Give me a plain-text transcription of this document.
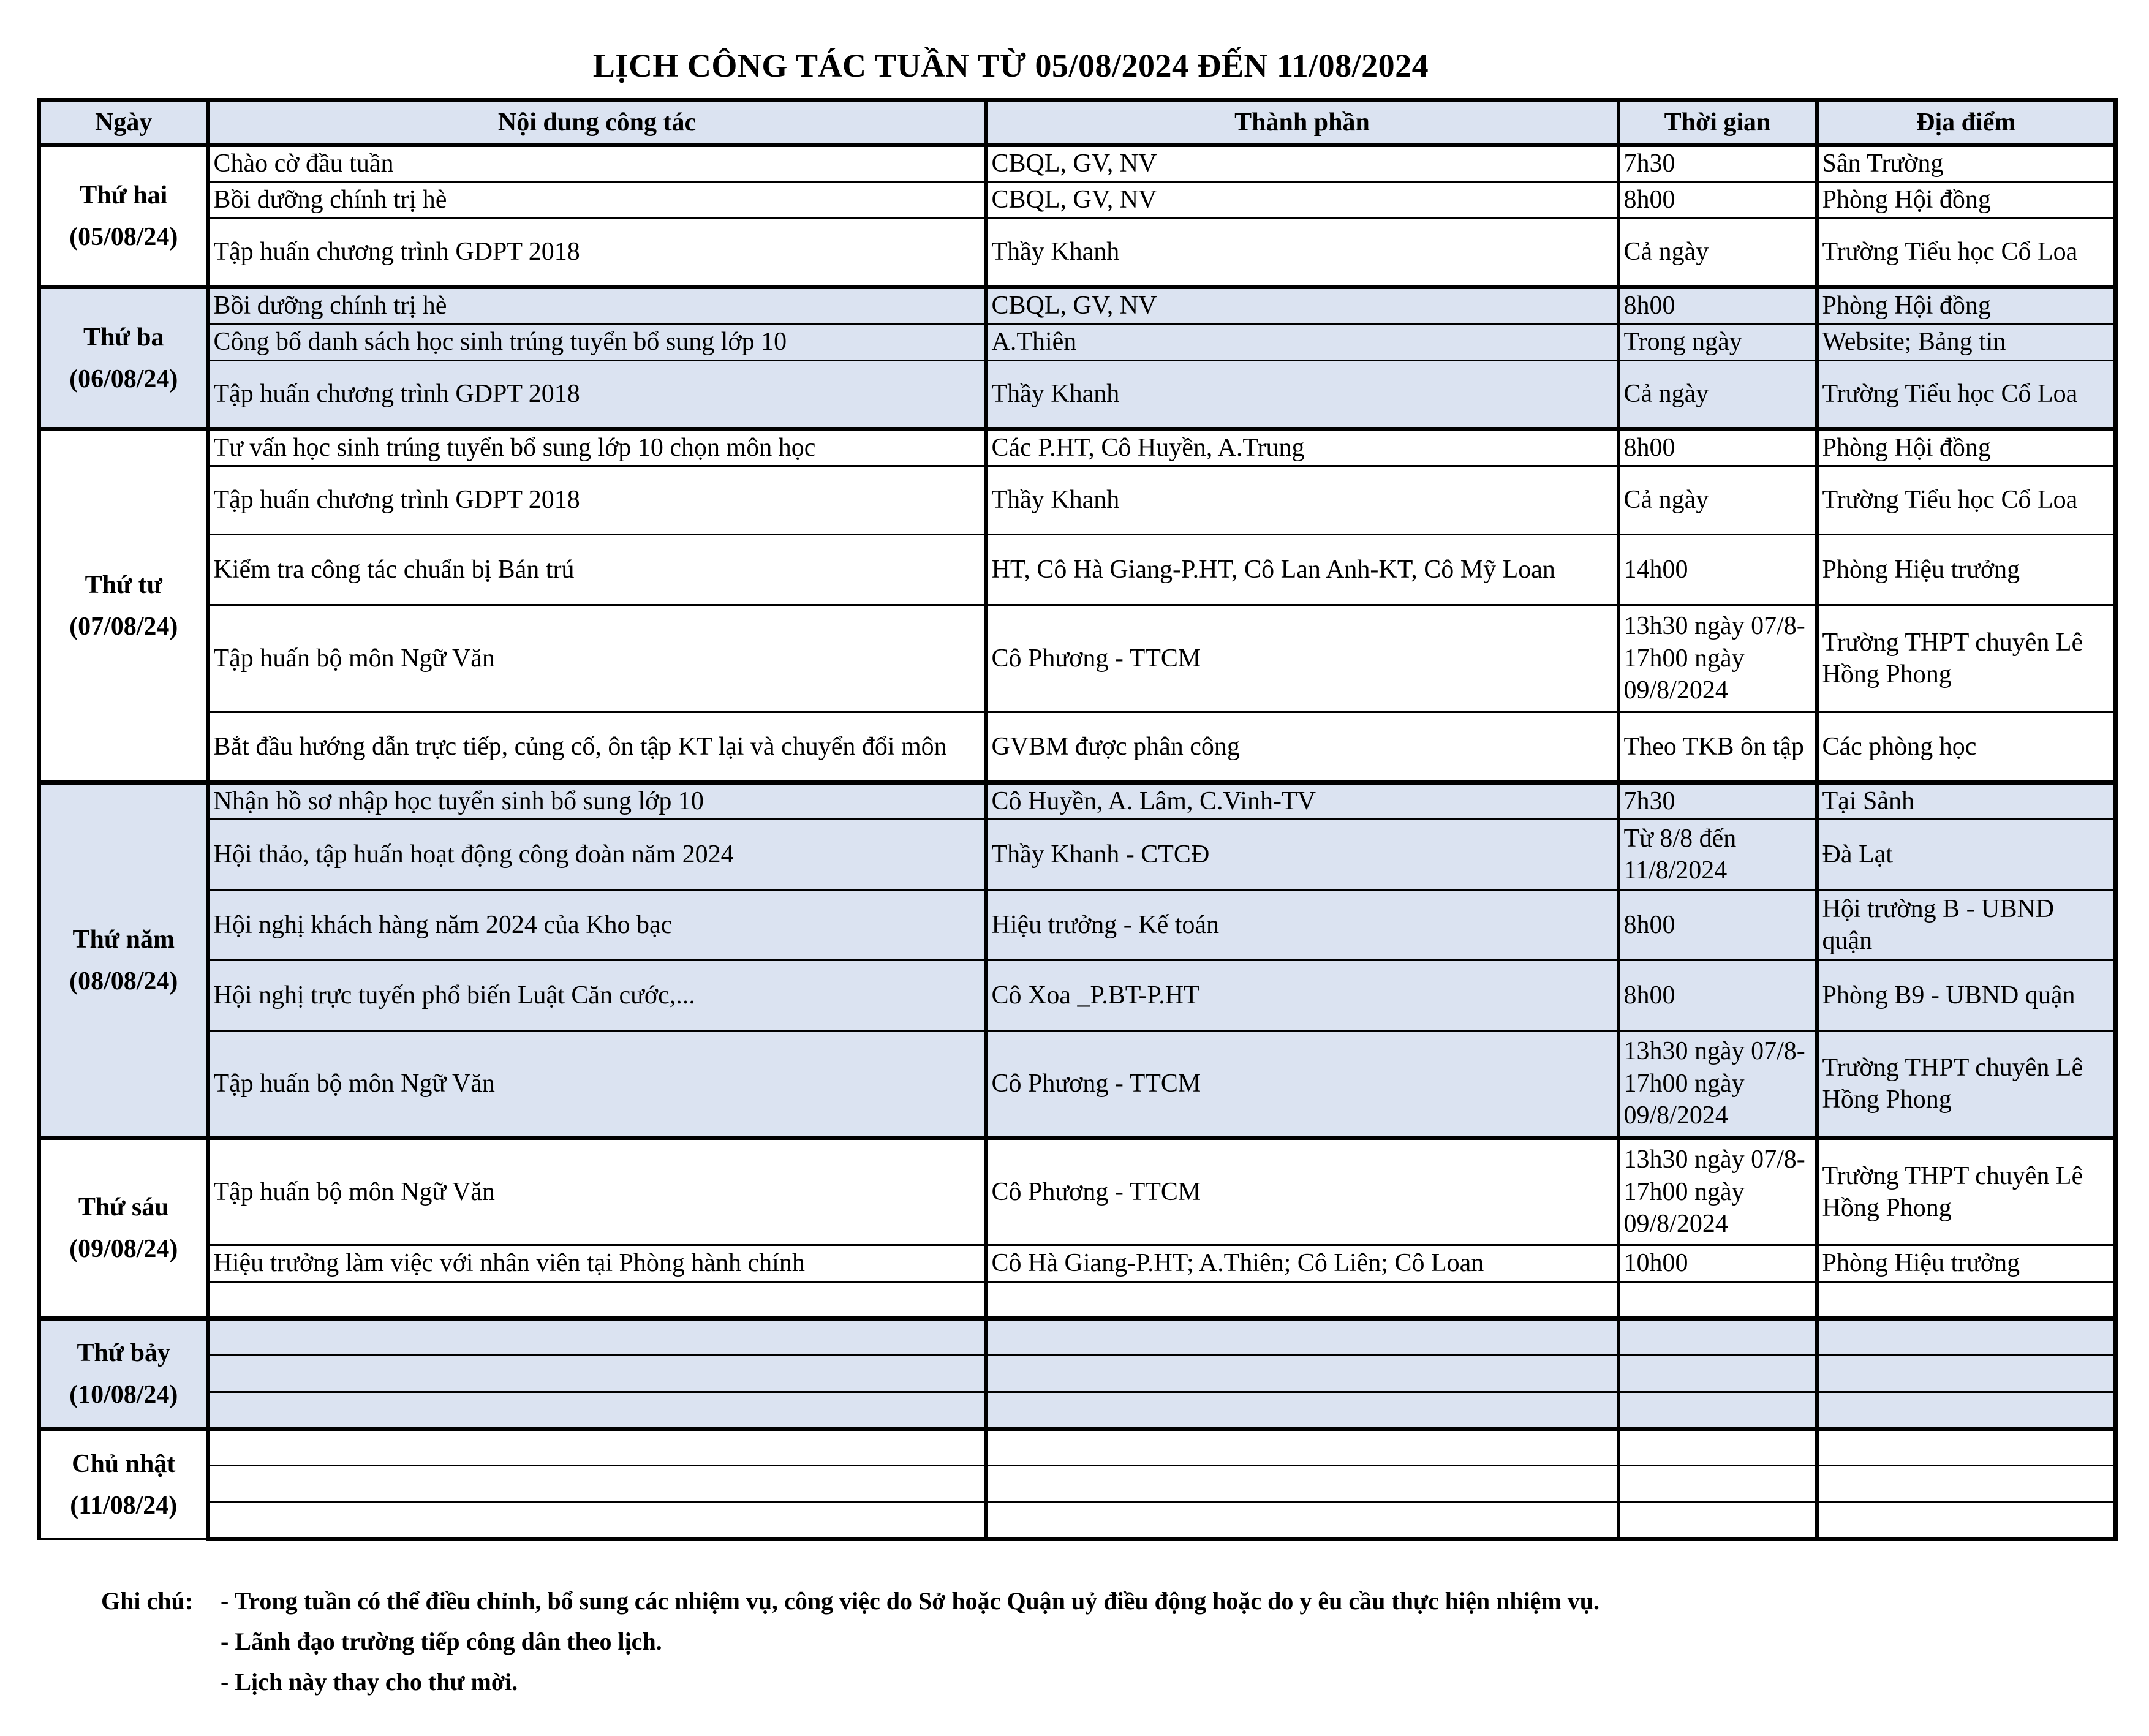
LỊCH CÔNG TÁC TUẦN TỪ 05/08/2024 ĐẾN 11/08/2024
Ngày	Nội dung công tác	Thành phần	Thời gian	Địa điểm

Thứ hai
(05/08/24)	Chào cờ đầu tuần	CBQL, GV, NV	7h30	Sân Trường
	Bồi dưỡng chính trị hè	CBQL, GV, NV	8h00	Phòng Hội đồng
	Tập huấn chương trình GDPT 2018	Thầy Khanh	Cả ngày	Trường Tiểu học Cổ Loa

Thứ ba
(06/08/24)	Bồi dưỡng chính trị hè	CBQL, GV, NV	8h00	Phòng Hội đồng
	Công bố danh sách học sinh trúng tuyển bổ sung lớp 10	A.Thiên	Trong ngày	Website; Bảng tin
	Tập huấn chương trình GDPT 2018	Thầy Khanh	Cả ngày	Trường Tiểu học Cổ Loa

Thứ tư
(07/08/24)	Tư vấn học sinh trúng tuyển bổ sung lớp 10 chọn môn học	Các P.HT, Cô Huyền, A.Trung	8h00	Phòng Hội đồng
	Tập huấn chương trình GDPT 2018	Thầy Khanh	Cả ngày	Trường Tiểu học Cổ Loa
	Kiểm tra công tác chuẩn bị Bán trú	HT, Cô Hà Giang-P.HT, Cô Lan Anh-KT, Cô Mỹ Loan	14h00	Phòng Hiệu trưởng
	Tập huấn bộ môn Ngữ Văn	Cô Phương - TTCM	13h30 ngày 07/8-17h00 ngày 09/8/2024	Trường THPT chuyên Lê Hồng Phong
	Bắt đầu hướng dẫn trực tiếp, củng cố, ôn tập KT lại và chuyển đổi môn	GVBM được phân công	Theo TKB ôn tập	Các phòng học

Thứ năm
(08/08/24)	Nhận hồ sơ nhập học tuyển sinh bổ sung lớp 10	Cô Huyền, A. Lâm, C.Vinh-TV	7h30	Tại Sảnh
	Hội thảo, tập huấn hoạt động công đoàn năm 2024	Thầy Khanh - CTCĐ	Từ 8/8 đến 11/8/2024	Đà Lạt
	Hội nghị khách hàng năm 2024 của Kho bạc	Hiệu trưởng - Kế toán	8h00	Hội trường B - UBND quận
	Hội nghị trực tuyến phổ biến Luật Căn cước,...	Cô Xoa _P.BT-P.HT	8h00	Phòng B9 - UBND quận
	Tập huấn bộ môn Ngữ Văn	Cô Phương - TTCM	13h30 ngày 07/8-17h00 ngày 09/8/2024	Trường THPT chuyên Lê Hồng Phong

Thứ sáu
(09/08/24)	Tập huấn bộ môn Ngữ Văn	Cô Phương - TTCM	13h30 ngày 07/8-17h00 ngày 09/8/2024	Trường THPT chuyên Lê Hồng Phong
	Hiệu trưởng làm việc với nhân viên tại Phòng hành chính	Cô Hà Giang-P.HT; A.Thiên; Cô Liên; Cô Loan	10h00	Phòng Hiệu trưởng

Thứ bảy
(10/08/24)				

Chủ nhật
(11/08/24)				

Ghi chú:	- Trong tuần có thể điều chỉnh, bổ sung các nhiệm vụ, công việc do Sở hoặc Quận uỷ điều động hoặc do y êu cầu thực hiện nhiệm vụ.
- Lãnh đạo trường tiếp công dân theo lịch.
- Lịch này thay cho thư mời.
